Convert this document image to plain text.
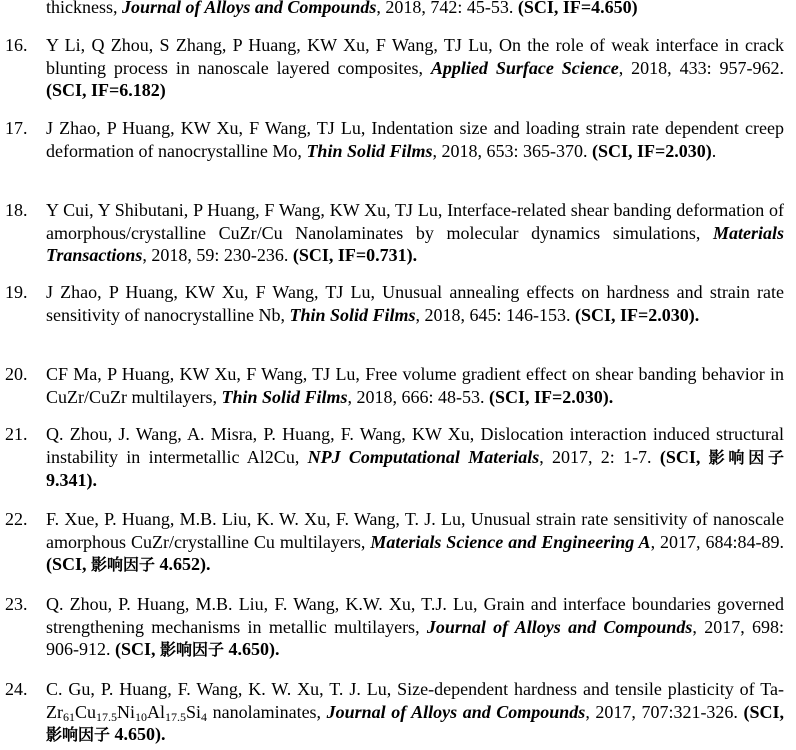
thickness, Journal of Alloys and Compounds, 2018, 742: 45-53. (SCI, IF=4.650)
16. Y Li, Q Zhou, S Zhang, P Huang, KW Xu, F Wang, TJ Lu, On the role of weak interface in crack blunting process in nanoscale layered composites, Applied Surface Science, 2018, 433: 957-962. (SCI, IF=6.182)
17. J Zhao, P Huang, KW Xu, F Wang, TJ Lu, Indentation size and loading strain rate dependent creep deformation of nanocrystalline Mo, Thin Solid Films, 2018, 653: 365-370. (SCI, IF=2.030).
18. Y Cui, Y Shibutani, P Huang, F Wang, KW Xu, TJ Lu, Interface-related shear banding deformation of amorphous/crystalline CuZr/Cu Nanolaminates by molecular dynamics simulations, Materials Transactions, 2018, 59: 230-236. (SCI, IF=0.731).
19. J Zhao, P Huang, KW Xu, F Wang, TJ Lu, Unusual annealing effects on hardness and strain rate sensitivity of nanocrystalline Nb, Thin Solid Films, 2018, 645: 146-153. (SCI, IF=2.030).
20. CF Ma, P Huang, KW Xu, F Wang, TJ Lu, Free volume gradient effect on shear banding behavior in CuZr/CuZr multilayers, Thin Solid Films, 2018, 666: 48-53. (SCI, IF=2.030).
21. Q. Zhou, J. Wang, A. Misra, P. Huang, F. Wang, KW Xu, Dislocation interaction induced structural instability in intermetallic Al2Cu, NPJ Computational Materials, 2017, 2: 1-7. (SCI, 影响因子 9.341).
22. F. Xue, P. Huang, M.B. Liu, K. W. Xu, F. Wang, T. J. Lu, Unusual strain rate sensitivity of nanoscale amorphous CuZr/crystalline Cu multilayers, Materials Science and Engineering A, 2017, 684:84-89. (SCI, 影响因子 4.652).
23. Q. Zhou, P. Huang, M.B. Liu, F. Wang, K.W. Xu, T.J. Lu, Grain and interface boundaries governed strengthening mechanisms in metallic multilayers, Journal of Alloys and Compounds, 2017, 698: 906-912. (SCI, 影响因子 4.650).
24. C. Gu, P. Huang, F. Wang, K. W. Xu, T. J. Lu, Size-dependent hardness and tensile plasticity of $Ta-Zr_{61}Cu_{17.5}Ni_{10}Al_{17.5}Si_4$ nanolaminates, Journal of Alloys and Compounds, 2017, 707:321-326. (SCI, 影响因子 4.650).
